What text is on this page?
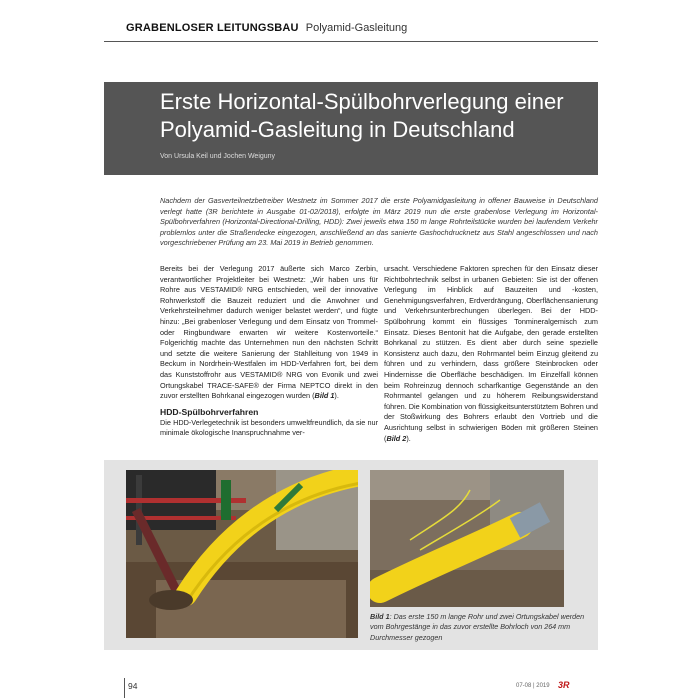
GRABENLOSER LEITUNGSBAU Polyamid-Gasleitung
Erste Horizontal-Spülbohrverlegung einer Polyamid-Gasleitung in Deutschland
Von Ursula Keil und Jochen Weiguny
Nachdem der Gasverteilnetzbetreiber Westnetz im Sommer 2017 die erste Polyamidgasleitung in offener Bauweise in Deutschland verlegt hatte (3R berichtete in Ausgabe 01-02/2018), erfolgte im März 2019 nun die erste grabenlose Verlegung im Horizontal-Spülbohrverfahren (Horizontal-Directional-Drilling, HDD): Zwei jeweils etwa 150 m lange Rohrteilstücke wurden bei laufendem Verkehr problemlos unter die Straßendecke eingezogen, anschließend an das sanierte Gashochdrucknetz aus Stahl angeschlossen und nach vorgeschriebener Prüfung am 23. Mai 2019 in Betrieb genommen.

Bereits bei der Verlegung 2017 äußerte sich Marco Zerbin, verantwortlicher Projektleiter bei Westnetz: „Wir haben uns für Rohre aus VESTAMID® NRG entschieden, weil der innovative Rohrwerkstoff die Bauzeit reduziert und die Anwohner und Verkehrsteilnehmer dadurch weniger belastet werden“, und fügte hinzu: „Bei grabenloser Verlegung und dem Einsatz von Trommel- oder Ringbundware erwarten wir weitere Kostenvorteile.“ Folgerichtig machte das Unternehmen nun den nächsten Schritt und setzte die weitere Sanierung der Stahlleitung von 1949 in Beckum in Nordrhein-Westfalen im HDD-Verfahren fort, bei dem das Kunststoffrohr aus VESTAMID® NRG von Evonik und zwei Ortungskabel TRACE-SAFE® der Firma NEPTCO direkt in den zuvor erstellten Bohrkanal eingezogen wurden (Bild 1).

HDD-Spülbohrverfahren

Die HDD-Verlegetechnik ist besonders umweltfreundlich, da sie nur minimale ökologische Inanspruchnahme ver-

ursacht. Verschiedene Faktoren sprechen für den Einsatz dieser Richtbohrtechnik selbst in urbanen Gebieten: Sie ist der offenen Verlegung im Hinblick auf Bauzeiten und -kosten, Genehmigungsverfahren, Erdverdrängung, Oberflächensanierung und Verkehrsunterbrechungen überlegen. Bei der HDD-Spülbohrung kommt ein flüssiges Tonmineralgemisch zum Einsatz. Dieses Bentonit hat die Aufgabe, den gerade erstellten Bohrkanal zu stützen. Es dient aber durch seine spezielle Konsistenz auch dazu, den Rohrmantel beim Einzug gleitend zu führen und zu verhindern, dass größere Steinbrocken oder Hindernisse die Oberfläche beschädigen. Im Einzelfall können beim Rohreinzug dennoch scharfkantige Gegenstände an den Rohrmantel gelangen und zu höherem Reibungswiderstand führen. Die Kombination von flüssigkeitsunterstütztem Bohren und der Stoßwirkung des Bohrers erlaubt den Vortrieb und die Ausrichtung selbst in schwierigen Böden mit größeren Steinen (Bild 2).

Bild 1: Das erste 150 m lange Rohr und zwei Ortungskabel werden vom Bohrgestänge in das zuvor erstellte Bohrloch von 264 mm Durchmesser gezogen
94	07-08 | 2019 3R
